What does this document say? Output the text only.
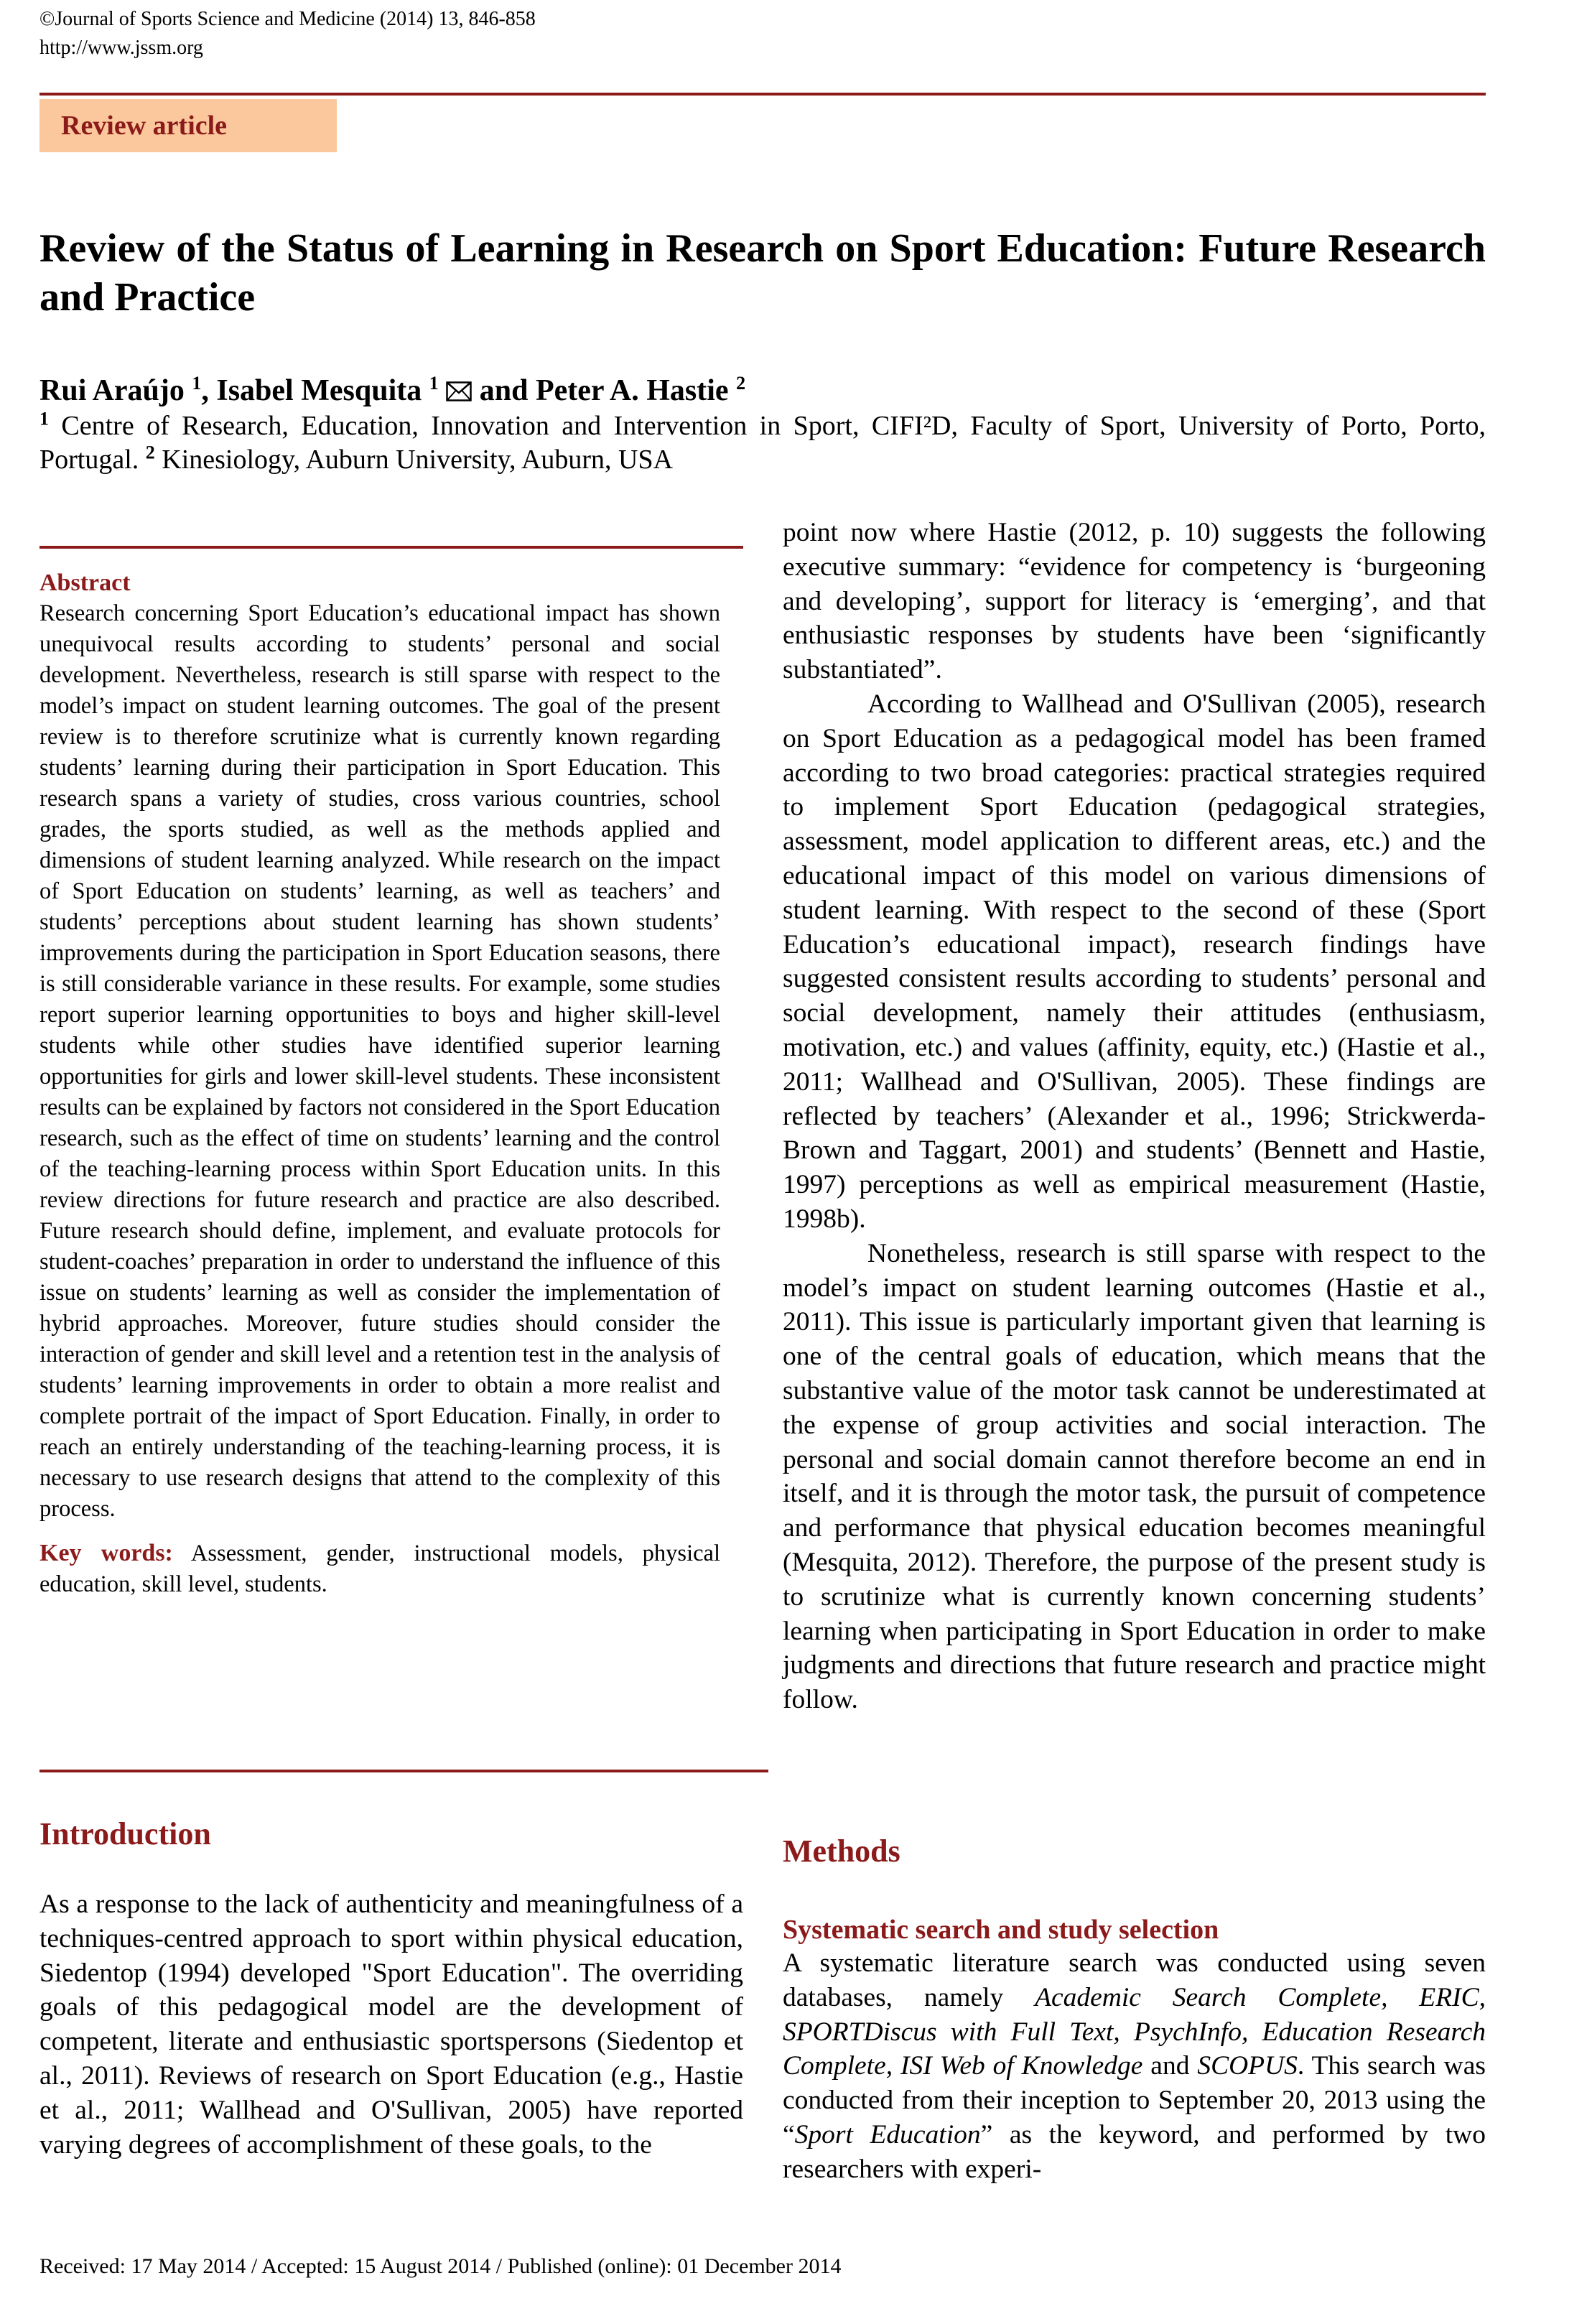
©Journal of Sports Science and Medicine (2014) 13, 846-858
http://www.jssm.org
Review article
Review of the Status of Learning in Research on Sport Education: Future Research and Practice
Rui Araújo $^1$, Isabel Mesquita $^1$ and Peter A. Hastie $^2$
$^1$ Centre of Research, Education, Innovation and Intervention in Sport, CIFI²D, Faculty of Sport, University of Porto, Porto, Portugal. $^2$ Kinesiology, Auburn University, Auburn, USA
Abstract
Research concerning Sport Education’s educational impact has shown unequivocal results according to students’ personal and social development. Nevertheless, research is still sparse with respect to the model’s impact on student learning outcomes. The goal of the present review is to therefore scrutinize what is currently known regarding students’ learning during their participation in Sport Education. This research spans a variety of studies, cross various countries, school grades, the sports studied, as well as the methods applied and dimensions of student learning analyzed. While research on the impact of Sport Education on students’ learning, as well as teachers’ and students’ perceptions about student learning has shown students’ improvements during the participation in Sport Education seasons, there is still considerable variance in these results. For example, some studies report superior learning opportunities to boys and higher skill-level students while other studies have identified superior learning opportunities for girls and lower skill-level students. These inconsistent results can be explained by factors not considered in the Sport Education research, such as the effect of time on students’ learning and the control of the teaching-learning process within Sport Education units. In this review directions for future research and practice are also described. Future research should define, implement, and evaluate protocols for student-coaches’ preparation in order to understand the influence of this issue on students’ learning as well as consider the implementation of hybrid approaches. Moreover, future studies should consider the interaction of gender and skill level and a retention test in the analysis of students’ learning improvements in order to obtain a more realist and complete portrait of the impact of Sport Education. Finally, in order to reach an entirely understanding of the teaching-learning process, it is necessary to use research designs that attend to the complexity of this process.
Key words: Assessment, gender, instructional models, physical education, skill level, students.
Introduction

As a response to the lack of authenticity and meaningfulness of a techniques-centred approach to sport within physical education, Siedentop (1994) developed "Sport Education". The overriding goals of this pedagogical model are the development of competent, literate and enthusiastic sportspersons (Siedentop et al., 2011). Reviews of research on Sport Education (e.g., Hastie et al., 2011; Wallhead and O'Sullivan, 2005) have reported varying degrees of accomplishment of these goals, to the

point now where Hastie (2012, p. 10) suggests the following executive summary: “evidence for competency is ‘burgeoning and developing’, support for literacy is ‘emerging’, and that enthusiastic responses by students have been ‘significantly substantiated”.

According to Wallhead and O'Sullivan (2005), research on Sport Education as a pedagogical model has been framed according to two broad categories: practical strategies required to implement Sport Education (pedagogical strategies, assessment, model application to different areas, etc.) and the educational impact of this model on various dimensions of student learning. With respect to the second of these (Sport Education’s educational impact), research findings have suggested consistent results according to students’ personal and social development, namely their attitudes (enthusiasm, motivation, etc.) and values (affinity, equity, etc.) (Hastie et al., 2011; Wallhead and O'Sullivan, 2005). These findings are reflected by teachers’ (Alexander et al., 1996; Strickwerda-Brown and Taggart, 2001) and students’ (Bennett and Hastie, 1997) perceptions as well as empirical measurement (Hastie, 1998b).

Nonetheless, research is still sparse with respect to the model’s impact on student learning outcomes (Hastie et al., 2011). This issue is particularly important given that learning is one of the central goals of education, which means that the substantive value of the motor task cannot be underestimated at the expense of group activities and social interaction. The personal and social domain cannot therefore become an end in itself, and it is through the motor task, the pursuit of competence and performance that physical education becomes meaningful (Mesquita, 2012). Therefore, the purpose of the present study is to scrutinize what is currently known concerning students’ learning when participating in Sport Education in order to make judgments and directions that future research and practice might follow.

Methods
Systematic search and study selection

A systematic literature search was conducted using seven databases, namely Academic Search Complete, ERIC, SPORTDiscus with Full Text, PsychInfo, Education Research Complete, ISI Web of Knowledge and SCOPUS. This search was conducted from their inception to September 20, 2013 using the “Sport Education” as the keyword, and performed by two researchers with experi-

Received: 17 May 2014 / Accepted: 15 August 2014 / Published (online): 01 December 2014
